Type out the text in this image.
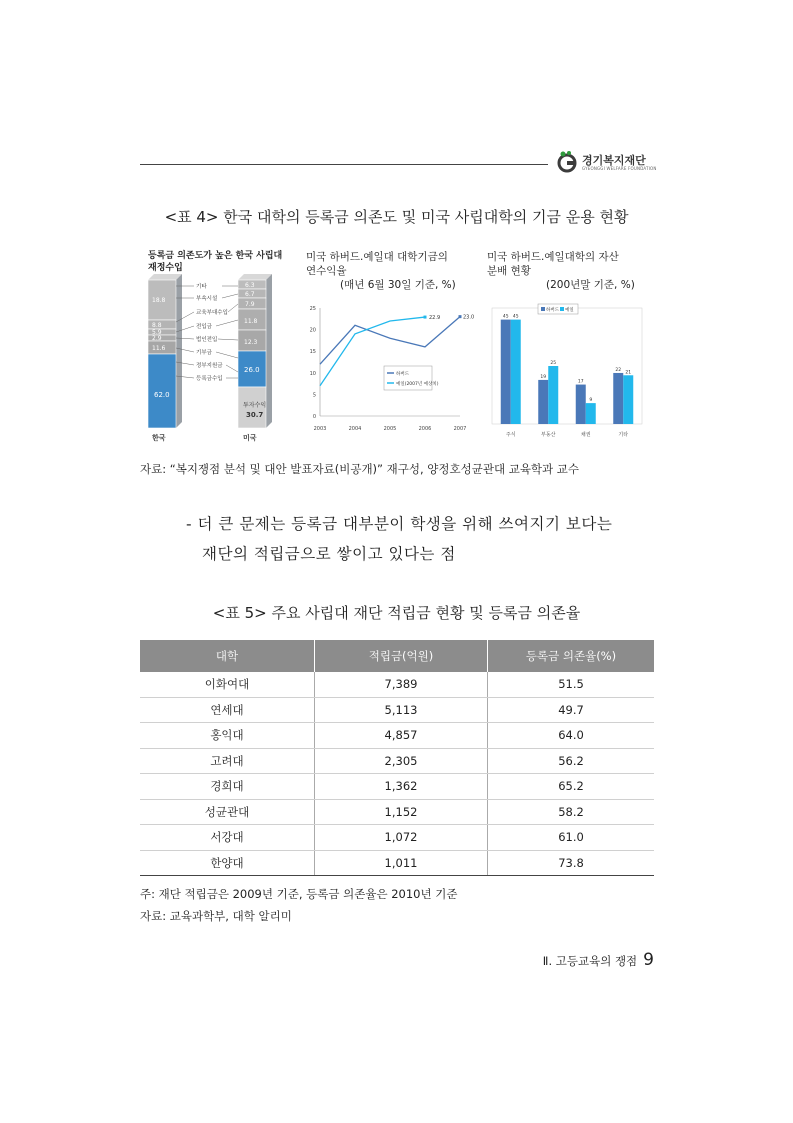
경기복지재단
GYEONGGI WELFARE FOUNDATION
<표 4> 한국 대학의 등록금 의존도 및 미국 사립대학의 기금 운용 현황
등록금 의존도가 높은 한국 사립대
재정수입
18.8
8.8
5.9
2.9
11.6
62.0
6.3
6.7
7.9
11.8
12.3
26.0
투자수익
30.7
기타
부속시설
교육부대수입
전입금
법인전입
기부금
정부지원금
등록금수입
한국	미국
미국 하버드.예일대 대학기금의
연수익율
(매년 6월 30일 기준, %)
0
5
10
15
20
25
2003	2004	2005	2006	2007
23.0
22.9
하버드
예일(2007년 예상치)
미국 하버드.예일대학의 자산
분배 현황
(200년말 기준, %)
45 45
주식
19
25
부동산
17
9
채권
22 21
기타
하버드 예일
자료: “복지쟁점 분석 및 대안 발표자료(비공개)” 재구성, 양정호성균관대 교육학과 교수
- 더 큰 문제는 등록금 대부분이 학생을 위해 쓰여지기 보다는
재단의 적립금으로 쌓이고 있다는 점
<표 5> 주요 사립대 재단 적립금 현황 및 등록금 의존율
대학	적립금(억원)	등록금 의존율(%)
이화여대	7,389	51.5
연세대	5,113	49.7
홍익대	4,857	64.0
고려대	2,305	56.2
경희대	1,362	65.2
성균관대	1,152	58.2
서강대	1,072	61.0
한양대	1,011	73.8
주: 재단 적립금은 2009년 기준, 등록금 의존율은 2010년 기준
자료: 교육과학부, 대학 알리미
Ⅱ. 고등교육의 쟁점 9
